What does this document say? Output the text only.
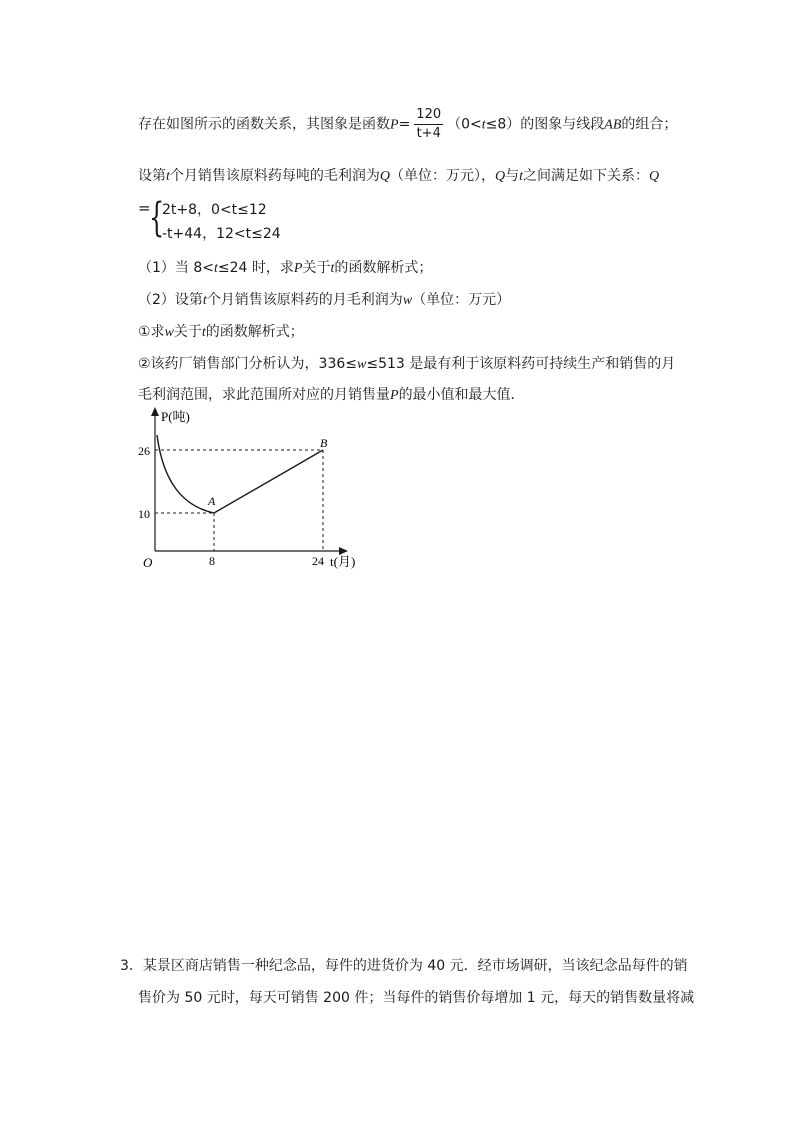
存在如图所示的函数关系，其图象是函数$P= \frac{120}{t+4} (0<t\le 8)$的图象与线段AB的组合；
设第t个月销售该原料药每吨的毛利润为Q（单位：万元），Q与t之间满足如下关系：Q
=
{
2t+8，0<t≤12
-t+44，12<t≤24
（1）当 8<t≤24 时，求P关于t的函数解析式；
（2）设第t个月销售该原料药的月毛利润为w（单位：万元）
①求w关于t的函数解析式；
②该药厂销售部门分析认为，336≤w≤513 是最有利于该原料药可持续生产和销售的月
毛利润范围，求此范围所对应的月销售量P的最小值和最大值．
P(吨)
t(月)
O
26
10
8	24
A
B
3．某景区商店销售一种纪念品，每件的进货价为 40 元．经市场调研，当该纪念品每件的销
售价为 50 元时，每天可销售 200 件；当每件的销售价每增加 1 元，每天的销售数量将减
